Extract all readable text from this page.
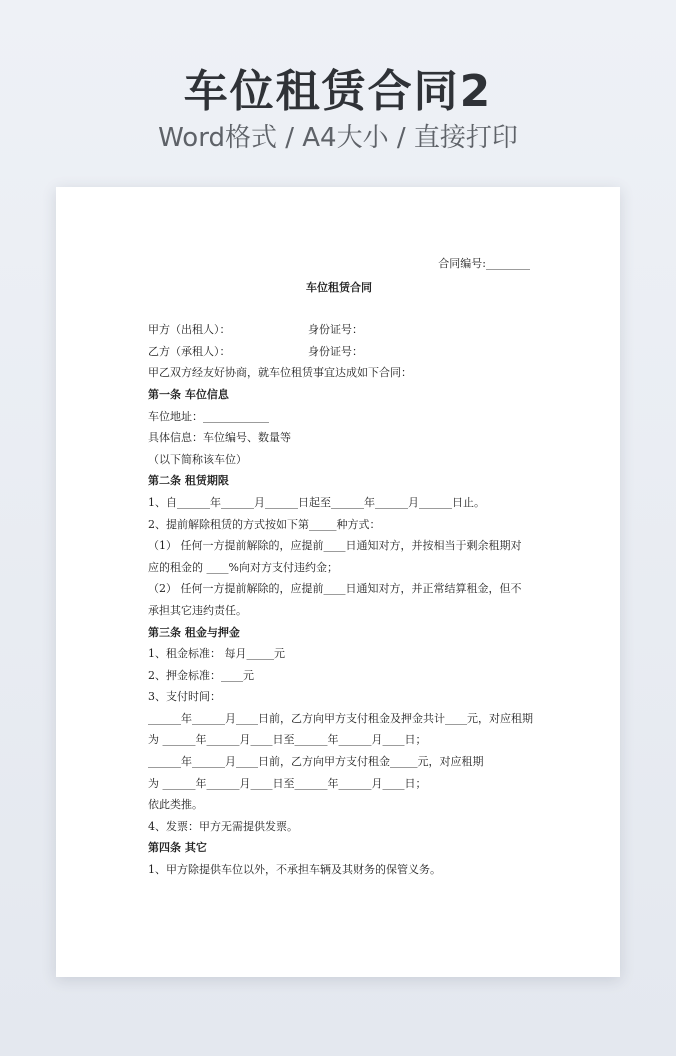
车位租赁合同2
Word格式 / A4大小 / 直接打印

合同编号:________

车位租赁合同

甲方（出租人）：	身份证号：

乙方（承租人）：	身份证号：

甲乙双方经友好协商，就车位租赁事宜达成如下合同：

第一条 车位信息

车位地址：____________

具体信息：车位编号、数量等

（以下简称该车位）

第二条 租赁期限

1、自______年______月______日起至______年______月______日止。

2、提前解除租赁的方式按如下第_____种方式：

（1） 任何一方提前解除的，应提前____日通知对方，并按相当于剩余租期对

应的租金的 ____%向对方支付违约金；

（2） 任何一方提前解除的，应提前____日通知对方，并正常结算租金，但不

承担其它违约责任。

第三条 租金与押金

1、租金标准： 每月_____元

2、押金标准：____元

3、支付时间：

______年______月____日前，乙方向甲方支付租金及押金共计____元，对应租期

为 ______年______月____日至______年______月____日；

______年______月____日前，乙方向甲方支付租金_____元，对应租期

为 ______年______月____日至______年______月____日；

依此类推。

4、发票：甲方无需提供发票。

第四条 其它

1、甲方除提供车位以外，不承担车辆及其财务的保管义务。
